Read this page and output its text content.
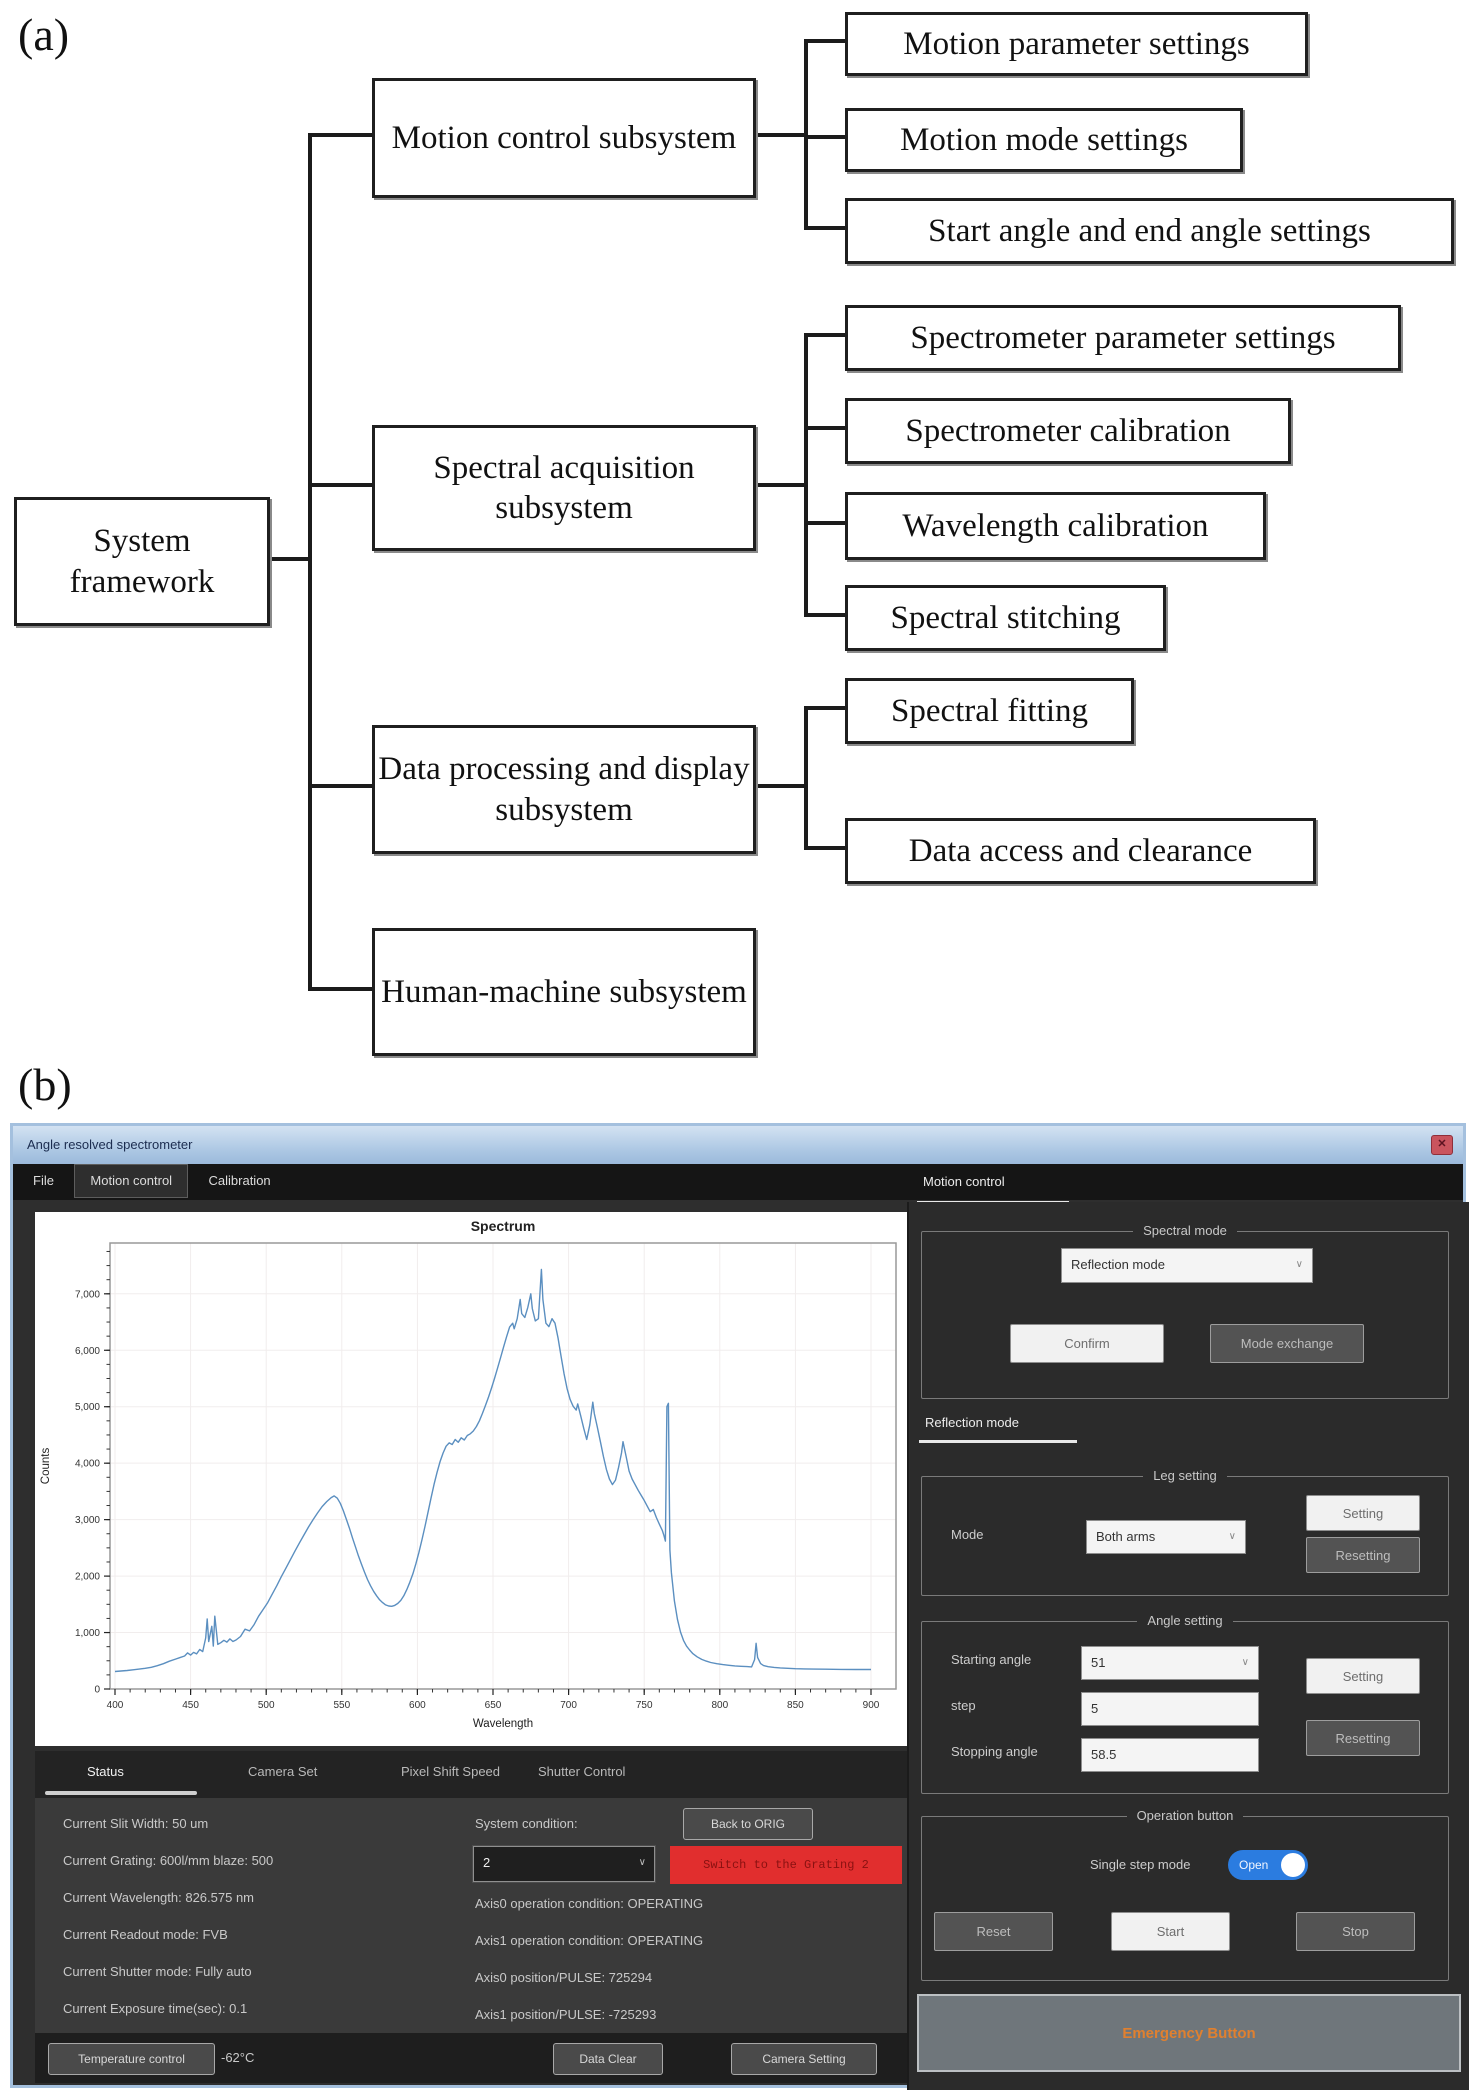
(a)
System framework
Motion control subsystem
Spectral acquisition subsystem
Data processing and display subsystem
Human-machine subsystem
Motion parameter settings
Motion mode settings
Start angle and end angle settings
Spectrometer parameter settings
Spectrometer calibration
Wavelength calibration
Spectral stitching
Spectral fitting
Data access and clearance
(b)
Angle resolved spectrometer	✕
File	Motion control	Calibration	Motion control
Spectrum
400	450	500	550	600	650	700	750	800	850	900
0
1,000
2,000
3,000
4,000
5,000
6,000
7,000
Wavelength
Counts
Status	Camera Set	Pixel Shift Speed	Shutter Control
Current Slit Width: 50 um
Current Grating: 600l/mm blaze: 500
Current Wavelength: 826.575 nm
Current Readout mode: FVB
Current Shutter mode: Fully auto
Current Exposure time(sec): 0.1
System condition:	Back to ORIG
2	∨	Switch to the Grating 2
Axis0 operation condition: OPERATING
Axis1 operation condition: OPERATING
Axis0 position/PULSE: 725294
Axis1 position/PULSE: -725293
Temperature control	-62°C	Data Clear	Camera Setting
Spectral mode
Reflection mode	∨
Confirm	Mode exchange
Reflection mode
Leg setting
Mode	Both arms	∨
Setting
Resetting
Angle setting
Starting angle	51	∨
step	5
Stopping angle	58.5
Setting
Resetting
Operation button
Single step mode	Open
Reset	Start	Stop
Emergency Button
